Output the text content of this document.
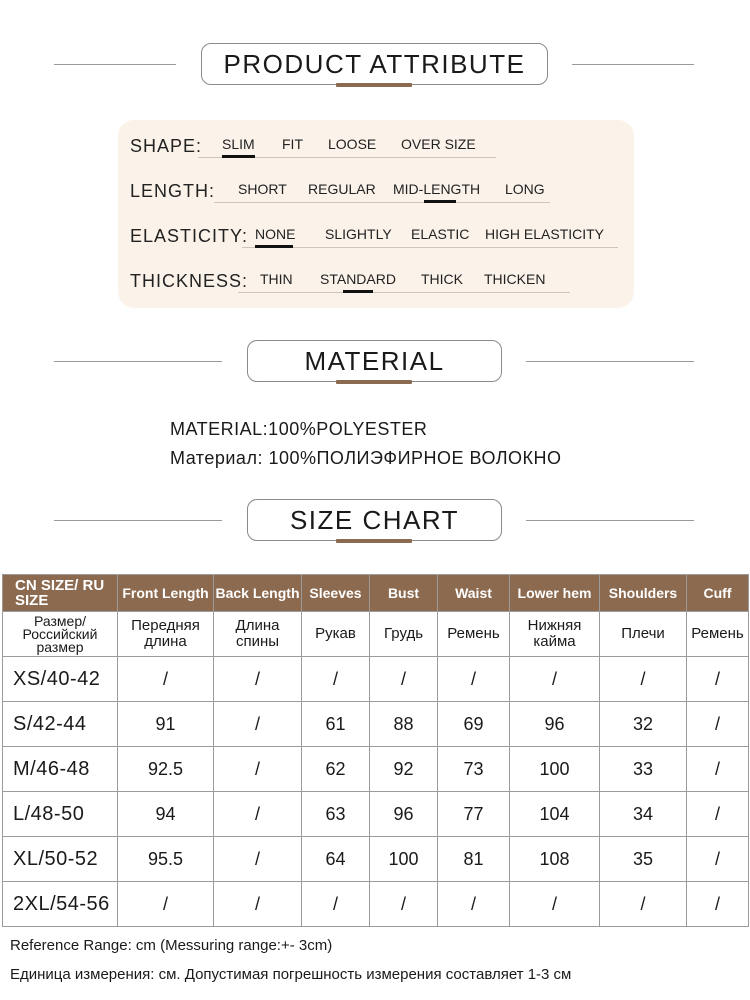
PRODUCT ATTRIBUTE
SHAPE: SLIM FIT LOOSE OVER SIZE
LENGTH: SHORT REGULAR MID-LENGTH LONG
ELASTICITY: NONE SLIGHTLY ELASTIC HIGH ELASTICITY
THICKNESS: THIN STANDARD THICK THICKEN
MATERIAL
MATERIAL:100%POLYESTER
Материал: 100%ПОЛИЭФИРНОЕ ВОЛОКНО
SIZE CHART
CN SIZE/ RU SIZE	Front Length	Back Length	Sleeves	Bust	Waist	Lower hem	Shoulders	Cuff
Размер/ Российский размер	Передняя длина	Длина спины	Рукав	Грудь	Ремень	Нижняя кайма	Плечи	Ремень
XS/40-42	/	/	/	/	/	/	/	/
S/42-44	91	/	61	88	69	96	32	/
M/46-48	92.5	/	62	92	73	100	33	/
L/48-50	94	/	63	96	77	104	34	/
XL/50-52	95.5	/	64	100	81	108	35	/
2XL/54-56	/	/	/	/	/	/	/	/
Reference Range: cm (Messuring range:+- 3cm)
Единица измерения: см. Допустимая погрешность измерения составляет 1-3 см
